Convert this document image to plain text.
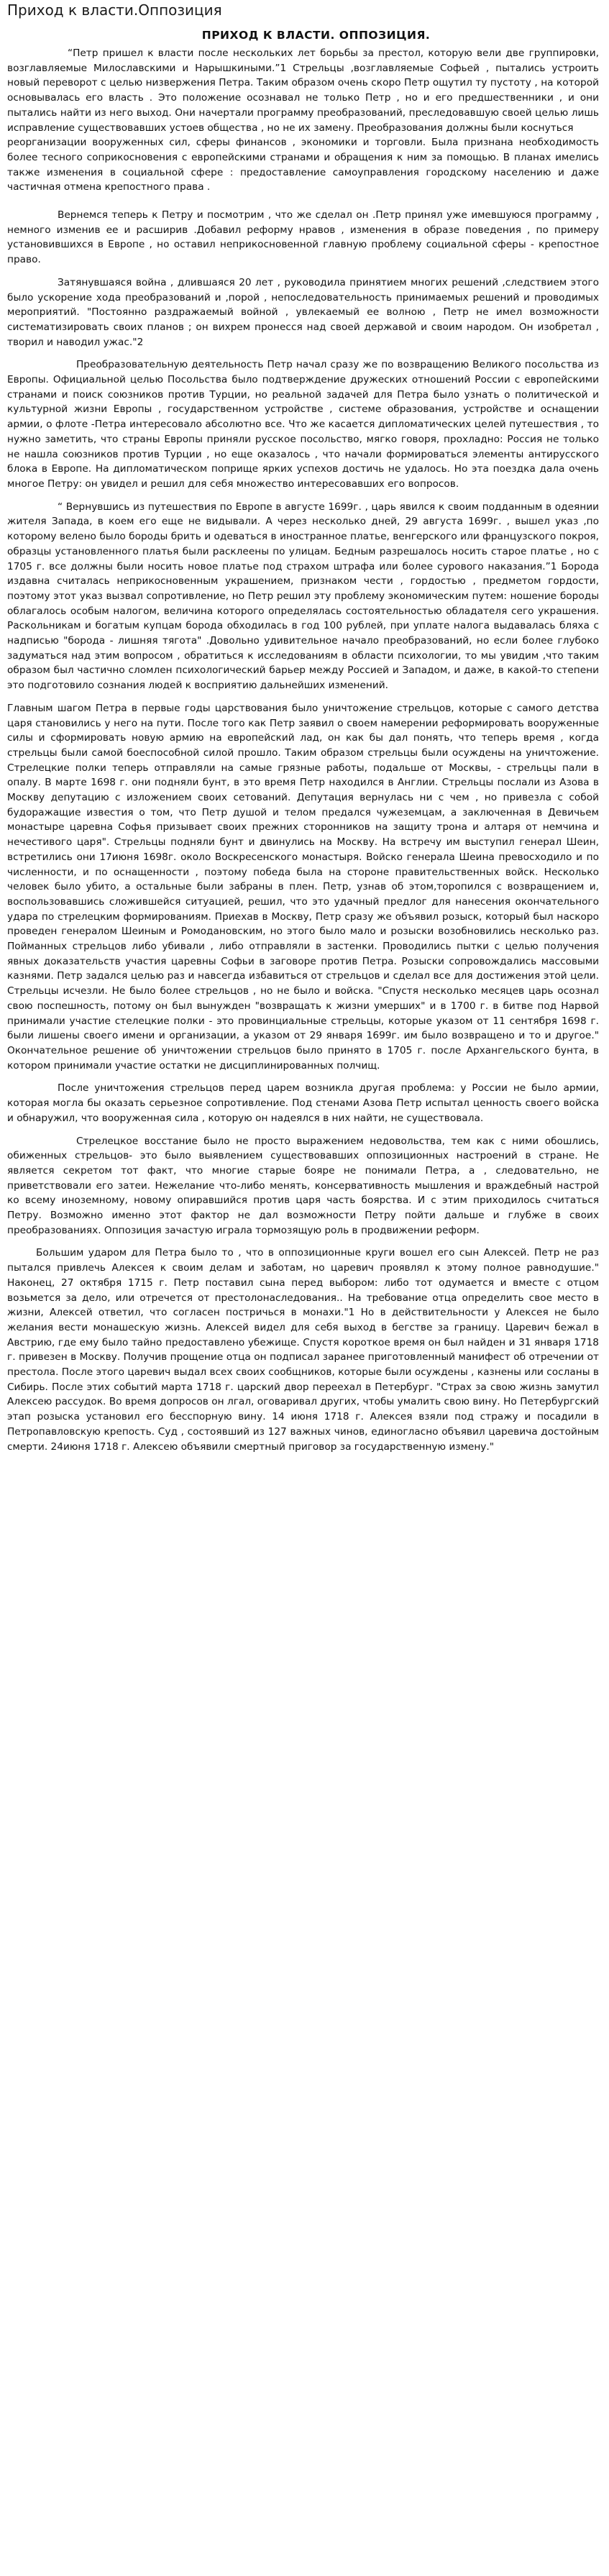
Приход к власти.Оппозиция
ПРИХОД К ВЛАСТИ. ОППОЗИЦИЯ.

“Петр пришел к власти после нескольких лет борьбы за престол, которую вели две группировки, возглавляемые Милославскими и Нарышкиными.”1 Стрельцы ,возглавляемые Софьей , пытались устроить новый переворот с целью низвержения Петра. Таким образом очень скоро Петр ощутил ту пустоту , на которой основывалась его власть . Это положение осознавал не только Петр , но и его предшественники , и они пытались найти из него выход. Они начертали программу преобразований, преследовавшую своей целью лишь исправление существовавших устоев общества , но не их замену. Преобразования должны были коснуться

реорганизации вооруженных сил, сферы финансов , экономики и торговли. Была признана необходимость более тесного соприкосновения с европейскими странами и обращения к ним за помощью. В планах имелись также изменения в социальной сфере : предоставление самоуправления городскому населению и даже частичная отмена крепостного права .

Вернемся теперь к Петру и посмотрим , что же сделал он .Петр принял уже имевшуюся программу , немного изменив ее и расширив .Добавил реформу нравов , изменения в образе поведения , по примеру установившихся в Европе , но оставил неприкосновенной главную проблему социальной сферы - крепостное право.

Затянувшаяся война , длившаяся 20 лет , руководила принятием многих решений ,следствием этого было ускорение хода преобразований и ,порой , непоследовательность принимаемых решений и проводимых мероприятий. "Постоянно раздражаемый войной , увлекаемый ее волною , Петр не имел возможности систематизировать своих планов ; он вихрем пронесся над своей державой и своим народом. Он изобретал , творил и наводил ужас."2

Преобразовательную деятельность Петр начал сразу же по возвращению Великого посольства из Европы. Официальной целью Посольства было подтверждение дружеских отношений России с европейскими странами и поиск союзников против Турции, но реальной задачей для Петра было узнать о политической и культурной жизни Европы , государственном устройстве , системе образования, устройстве и оснащении армии, о флоте -Петра интересовало абсолютно все. Что же касается дипломатических целей путешествия , то нужно заметить, что страны Европы приняли русское посольство, мягко говоря, прохладно: Россия не только не нашла союзников против Турции , но еще оказалось , что начали формироваться элементы антирусского блока в Европе. На дипломатическом поприще ярких успехов достичь не удалось. Но эта поездка дала очень многое Петру: он увидел и решил для себя множество интересовавших его вопросов.

“ Вернувшись из путешествия по Европе в августе 1699г. , царь явился к своим подданным в одеянии жителя Запада, в коем его еще не видывали. А через несколько дней, 29 августа 1699г. , вышел указ ,по которому велено было бороды брить и одеваться в иностранное платье, венгерского или французского покроя, образцы установленного платья были расклеены по улицам. Бедным разрешалось носить старое платье , но с 1705 г. все должны были носить новое платье под страхом штрафа или более сурового наказания.”1 Борода издавна считалась неприкосновенным украшением, признаком чести , гордостью , предметом гордости, поэтому этот указ вызвал сопротивление, но Петр решил эту проблему экономическим путем: ношение бороды облагалось особым налогом, величина которого определялась состоятельностью обладателя сего украшения. Раскольникам и богатым купцам борода обходилась в год 100 рублей, при уплате налога выдавалась бляха с надписью "борода - лишняя тягота" .Довольно удивительное начало преобразований, но если более глубоко задуматься над этим вопросом , обратиться к исследованиям в области психологии, то мы увидим ,что таким образом был частично сломлен психологический барьер между Россией и Западом, и даже, в какой-то степени это подготовило сознания людей к восприятию дальнейших изменений.

Главным шагом Петра в первые годы царствования было уничтожение стрельцов, которые с самого детства царя становились у него на пути. После того как Петр заявил о своем намерении реформировать вооруженные силы и сформировать новую армию на европейский лад, он как бы дал понять, что теперь время , когда стрельцы были самой боеспособной силой прошло. Таким образом стрельцы были осуждены на уничтожение. Стрелецкие полки теперь отправляли на самые грязные работы, подальше от Москвы, - стрельцы пали в опалу. В марте 1698 г. они подняли бунт, в это время Петр находился в Англии. Стрельцы послали из Азова в Москву депутацию с изложением своих сетований. Депутация вернулась ни с чем , но привезла с собой будоражащие известия о том, что Петр душой и телом предался чужеземцам, а заключенная в Девичьем монастыре царевна Софья призывает своих прежних сторонников на защиту трона и алтаря от немчина и нечестивого царя". Стрельцы подняли бунт и двинулись на Москву. На встречу им выступил генерал Шеин, встретились они 17июня 1698г. около Воскресенского монастыря. Войско генерала Шеина превосходило и по численности, и по оснащенности , поэтому победа была на стороне правительственных войск. Несколько человек было убито, а остальные были забраны в плен. Петр, узнав об этом,торопился с возвращением и, воспользовавшись сложившейся ситуацией, решил, что это удачный предлог для нанесения окончательного удара по стрелецким формированиям. Приехав в Москву, Петр сразу же объявил розыск, который был наскоро проведен генералом Шеиным и Ромодановским, но этого было мало и розыски возобновились несколько раз. Пойманных стрельцов либо убивали , либо отправляли в застенки. Проводились пытки с целью получения явных доказательств участия царевны Софьи в заговоре против Петра. Розыски сопровождались массовыми казнями. Петр задался целью раз и навсегда избавиться от стрельцов и сделал все для достижения этой цели. Стрельцы исчезли. Не было более стрельцов , но не было и войска. "Спустя несколько месяцев царь осознал свою поспешность, потому он был вынужден "возвращать к жизни умерших" и в 1700 г. в битве под Нарвой принимали участие стелецкие полки - это провинциальные стрельцы, которые указом от 11 сентября 1698 г. были лишены своего имени и организации, а указом от 29 января 1699г. им было возвращено и то и другое." Окончательное решение об уничтожении стрельцов было принято в 1705 г. после Архангельского бунта, в котором принимали участие остатки не дисциплинированных полчищ.

После уничтожения стрельцов перед царем возникла другая проблема: у России не было армии, которая могла бы оказать серьезное сопротивление. Под стенами Азова Петр испытал ценность своего войска и обнаружил, что вооруженная сила , которую он надеялся в них найти, не существовала.

Стрелецкое восстание было не просто выражением недовольства, тем как с ними обошлись, обиженных стрельцов- это было выявлением существовавших оппозиционных настроений в стране. Не является секретом тот факт, что многие старые бояре не понимали Петра, а , следовательно, не приветствовали его затеи. Нежелание что-либо менять, консервативность мышления и враждебный настрой ко всему иноземному, новому опиравшийся против царя часть боярства. И с этим приходилось считаться Петру. Возможно именно этот фактор не дал возможности Петру пойти дальше и глубже в своих преобразованиях. Оппозиция зачастую играла тормозящую роль в продвижении реформ.

Большим ударом для Петра было то , что в оппозиционные круги вошел его сын Алексей. Петр не раз пытался привлечь Алексея к своим делам и заботам, но царевич проявлял к этому полное равнодушие." Наконец, 27 октября 1715 г. Петр поставил сына перед выбором: либо тот одумается и вместе с отцом возьмется за дело, или отречется от престолонаследования.. На требование отца определить свое место в жизни, Алексей ответил, что согласен постричься в монахи."1 Но в действительности у Алексея не было желания вести монашескую жизнь. Алексей видел для себя выход в бегстве за границу. Царевич бежал в Австрию, где ему было тайно предоставлено убежище. Спустя короткое время он был найден и 31 января 1718 г. привезен в Москву. Получив прощение отца он подписал заранее приготовленный манифест об отречении от престола. После этого царевич выдал всех своих сообщников, которые были осуждены , казнены или сосланы в Сибирь. После этих событий марта 1718 г. царский двор переехал в Петербург. "Страх за свою жизнь замутил Алексею рассудок. Во время допросов он лгал, оговаривал других, чтобы умалить свою вину. Но Петербургский этап розыска установил его бесспорную вину. 14 июня 1718 г. Алексея взяли под стражу и посадили в Петропавловскую крепость. Суд , состоявший из 127 важных чинов, единогласно объявил царевича достойным смерти. 24июня 1718 г. Алексею объявили смертный приговор за государственную измену."
